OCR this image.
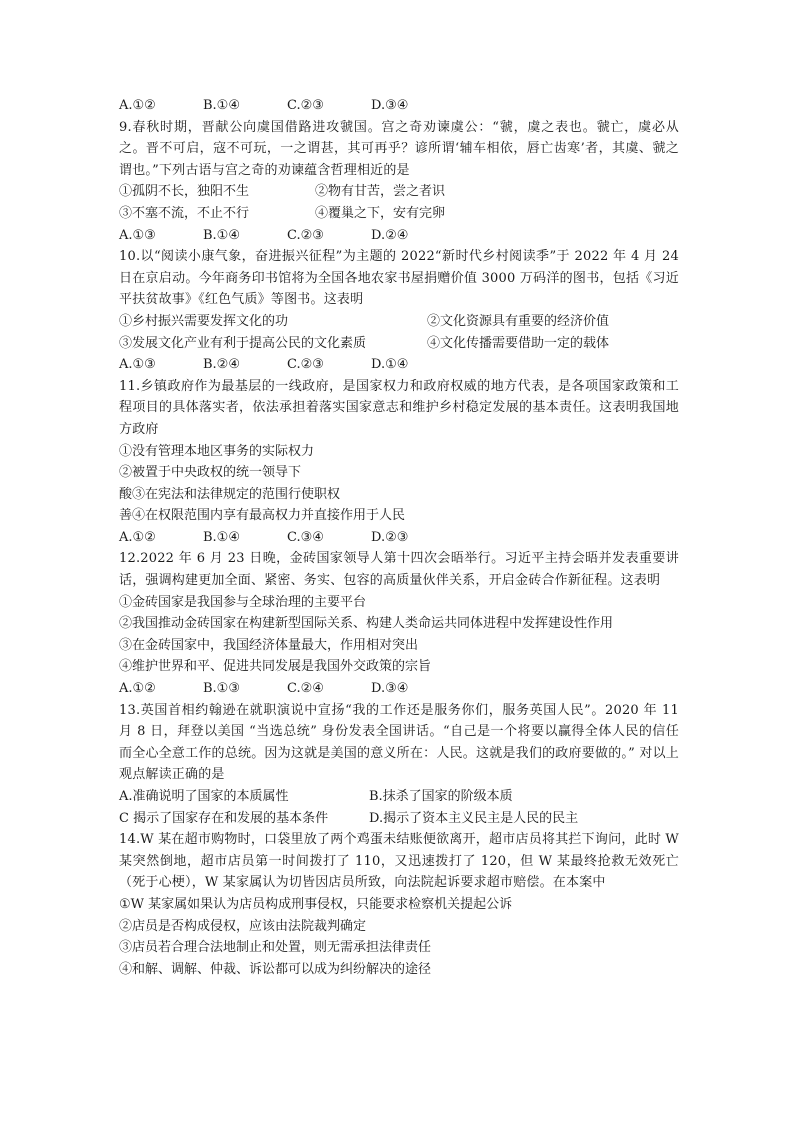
A.①②	B.①④	C.②③	D.③④
9.春秋时期，晋献公向虞国借路进攻虢国。宫之奇劝谏虞公：“虢，虞之表也。虢亡，虞必从之。晋不可启，寇不可玩，一之谓甚，其可再乎？谚所谓‘辅车相依，唇亡齿寒’者，其虞、虢之谓也。”下列古语与宫之奇的劝谏蕴含哲理相近的是
①孤阴不长，独阳不生	②物有甘苦，尝之者识
③不塞不流，不止不行	④覆巢之下，安有完卵
A.①③	B.①④	C.②③	D.②④
10.以“阅读小康气象，奋进振兴征程”为主题的 2022“新时代乡村阅读季”于 2022 年 4 月 24 日在京启动。今年商务印书馆将为全国各地农家书屋捐赠价值 3000 万码洋的图书，包括《习近平扶贫故事》《红色气质》等图书。这表明
①乡村振兴需要发挥文化的功	②文化资源具有重要的经济价值
③发展文化产业有利于提高公民的文化素质	④文化传播需要借助一定的载体
A.①③	B.②④	C.②③	D.①④
11.乡镇政府作为最基层的一线政府，是国家权力和政府权威的地方代表，是各项国家政策和工程项目的具体落实者，依法承担着落实国家意志和维护乡村稳定发展的基本责任。这表明我国地方政府
①没有管理本地区事务的实际权力
②被置于中央政权的统一领导下
酸③在宪法和法律规定的范围行使职权
善④在权限范围内享有最高权力并直接作用于人民
A.①②	B.①④	C.③④	D.②③
12.2022 年 6 月 23 日晚，金砖国家领导人第十四次会晤举行。习近平主持会晤并发表重要讲话，强调构建更加全面、紧密、务实、包容的高质量伙伴关系，开启金砖合作新征程。这表明
①金砖国家是我国参与全球治理的主要平台
②我国推动金砖国家在构建新型国际关系、构建人类命运共同体进程中发挥建设性作用
③在金砖国家中，我国经济体量最大，作用相对突出
④维护世界和平、促进共同发展是我国外交政策的宗旨
A.①②	B.①③	C.②④	D.③④
13.英国首相约翰逊在就职演说中宣扬“我的工作还是服务你们，服务英国人民”。2020 年 11 月 8 日，拜登以美国 “当选总统” 身份发表全国讲话。“自己是一个将要以赢得全体人民的信任而全心全意工作的总统。因为这就是美国的意义所在：人民。这就是我们的政府要做的。” 对以上观点解读正确的是
A.准确说明了国家的本质属性	B.抹杀了国家的阶级本质
C 揭示了国家存在和发展的基本条件	D.揭示了资本主义民主是人民的民主
14.W 某在超市购物时，口袋里放了两个鸡蛋未结账便欲离开，超市店员将其拦下询问，此时 W 某突然倒地，超市店员第一时间拨打了 110，又迅速拨打了 120，但 W 某最终抢救无效死亡（死于心梗），W 某家属认为切皆因店员所致，向法院起诉要求超市赔偿。在本案中
①W 某家属如果认为店员构成刑事侵权，只能要求检察机关提起公诉
②店员是否构成侵权，应该由法院裁判确定
③店员若合理合法地制止和处置，则无需承担法律责任
④和解、调解、仲裁、诉讼都可以成为纠纷解决的途径
